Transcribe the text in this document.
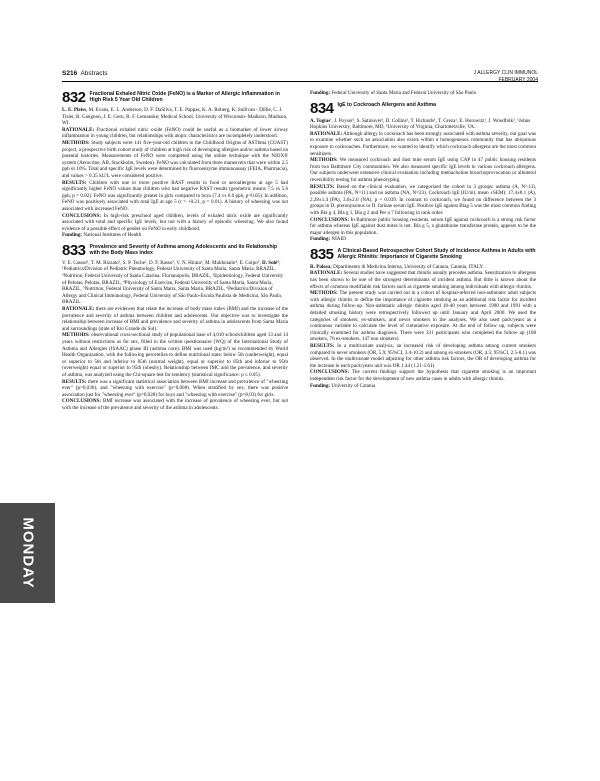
S216 Abstracts	J ALLERGY CLIN IMMUNOL
FEBRUARY 2004
MONDAY
832 Fractional Exhaled Nitric Oxide (FeNO) is a Marker of Allergic Inflammation in High Risk 5 Year Old Children

L. E. Pleiss, M. Evans, E. L. Anderson, D. F. DaSilva, T. E. Pappas, K. A. Roberg, K. Sullivan - Dillie, C. J. Tisler, R. Gangnon, J. E. Gern, R. F. Lemanske; Medical School, University of Wisconsin- Madison, Madison, WI.

RATIONALE: Fractional exhaled nitric oxide (FeNO) could be useful as a biomarker of lower airway inflammation in young children, but relationships with atopic characteristics are incompletely understood.

METHODS: Study subjects were 141 five-year-old children in the Childhood Origins of ASThma (COAST) project, a prospective birth cohort study of children at high risk of developing allergies and/or asthma based on parental histories. Measurements of FeNO were completed using the online technique with the NIOX® system (Aerocrine, AB, Stockholm, Sweden). FeNO was calculated from three maneuvers that were within 2.5 ppb or 10%. Total and specific IgE levels were determined by fluoroenzyme immunoassay (FEIA, Pharmacia), and values > 0.35 kU/L were considered positive.

RESULTS: Children with one or more positive RAST results to food or aeroallergens at age 5 had significantly higher FeNO values than children who had negative RAST results (geometric means 7.5 vs 5.6 ppb, p = 0.02). FeNO was significantly greater in girls compared to boys (7.4 vs 6.0 ppb, p=0.05). In addition, FeNO was positively associated with total IgE at age 5 (r = +0.21, p = 0.01). A history of wheezing was not associated with increased FeNO.

CONCLUSIONS: In high-risk preschool aged children, levels of exhaled nitric oxide are significantly associated with total and specific IgE levels, but not with a history of episodic wheezing. We also found evidence of a possible effect of gender on FeNO in early childhood.

Funding: National Institutes of Health

833 Prevalence and Severity of Asthma among Adolescents and its Relationship with the Body Mass Index

V. E. Cassol¹, T. M. Rizzato¹, S. P. Teche¹, D. F. Basso², V. N. Hirata³, M. Maldonado⁴, E. Colpo⁵, D. Solé⁶; ¹Pediatrics/Division of Pediatric Pneumology, Federal University of Santa Maria, Santa Maria, BRAZIL, ²Nutrition, Federal University of Santa Catarina, Florianópolis, BRAZIL, ³Epidemiology, Federal University of Pelotas, Pelotas, BRAZIL, ⁴Physiology of Exercise, Federal University of Santa Maria, Santa Maria, BRAZIL, ⁵Nutrition, Federal University of Santa Maria, Santa Maria, BRAZIL, ⁶Pediatrics/Division of Allergy and Clinical Immunology, Federal University of São Paulo-Escola Paulista de Medicina, São Paulo, BRAZIL.

RATIONALE: there are evidences that relate the increase of body mass index (BMI) and the increase of the prevalence and severity of asthma between children and adolescents. Our objective was to investigate the relationship between increase of BMI and prevalence and severity of asthma in adolescents from Santa Maria and surroundings (state of Rio Grande do Sul).

METHODS: observational cross-sectional study of populational base of 4,010 schoolchildren aged 13 and 14 years without restrictions as for sex, filled in the written questionnaire (WQ) of the International Study of Asthma and Allergies (ISAAC) phase III (asthma core). BMI was used (kg/m²) as recommended by World Health Organization, with the following percentiles to define nutritional state: below 5th (underweight), equal or superior to 5th and inferior to 85th (normal weight), equal or superior to 85th and inferior to 95th (overweight) equal or superior to 95th (obesity). Relationship between IMC and the prevalence, and severity of asthma, was analyzed using the Chi-square test for tendency (statistical significance: p ≤ 0.05).

RESULTS: there was a significant statistical association between BMI increase and prevalence of "wheezing ever" (p=0,036), and "wheezing with exercise" (p=0,008). When stratified by sex, there was positive association just for "wheezing ever" (p=0,028) for boys and "wheezing with exercise" (p=0,03) for girls.

CONCLUSIONS: BMI increase was associated with the increase of prevalence of wheezing ever, but not with the increase of the prevalence and severity of the asthma in adolescents.

Funding: Federal University of Santa Maria and Federal University of São Paulo

834 IgE to Cockroach Allergens and Asthma

A. Togias¹, J. Poyser¹, S. Satinover², D. Collins¹, T. Richards¹, T. Greza¹, E. Horowitz¹, J. Woodfolk², ¹Johns Hopkins University, Baltimore, MD, ²University of Virginia, Charlottesville, VA.

RATIONALE: Although allergy to cockroach has been strongly associated with asthma severity, our goal was to examine whether such an association also exists within a homogeneous community that has ubiquitous exposure to cockroaches. Furthermore, we wanted to identify which cockroach allergens are the most common sensitizers.

METHODS: We measured cockroach and dust mite serum IgE using CAP in 47 public housing residents from two Baltimore City communities. We also measured specific IgE levels to various cockroach allergens. Our subjects underwent extensive clinical evaluation including methacholine bronchoprovocation or albuterol reversibility testing for asthma phenotyping.

RESULTS: Based on the clinical evaluation, we categorized the cohort in 3 groups: asthma (A, N=13), possible asthma (PA, N=11) and no asthma (NA, N=23). Cockroach IgE (IU/ml, mean ±SEM): 17.4±8.1 (A), 2.28±1.4 (PA), 3.0±2.0 (NA), p = 0.039. In contrast to cockroach, we found no difference between the 3 groups in D. pteronyssinus or D. farinae serum IgE. Positive IgE against Blag 5 was the most common finding with Bla g 4, Bla g 1, Bla g 2 and Per a 7 following in rank order.

CONCLUSIONS: In Baltimore public housing residents, serum IgE against cockroach is a strong risk factor for asthma whereas IgE against dust mites is not. Bla g 5, a glutathione transferase protein, appears to be the major allergen in this population.

Funding: NIAID

835 A Clinical-Based Retrospective Cohort Study of Incidence Asthma in Adults with Allergic Rhinitis: Importance of Cigarette Smoking

R. Polosa; Dipartimento di Medicina Interna, University of Catania, Catania, ITALY.

RATIONALE: Several studies have suggested that rhinitis usually precedes asthma. Sensitization to allergens has been shown to be one of the strongest determinants of incident asthma. But little is known about the effects of common modifiable risk factors such as cigarette smoking among individuals with allergic rhinitis.

METHODS: The present study was carried out in a cohort of hospital-referred non-asthmatic adult subjects with allergic rhinitis to define the importance of cigarette smoking as an additional risk factor for incident asthma during follow-up. Non-asthmatic allergic rhinitis aged 18-40 years between 1990 and 1991 with a detailed smoking history were retrospectively followed up until January and April 2000. We used the categories of smokers, ex-smokers, and never smokers in the analyses. We also used pack/years as a continuous variable to calculate the level of cumulative exposure. At the end of follow up, subjects were clinically examined for asthma diagnosis. There were 331 participants who completed the follow up (108 smokers, 76 ex-smokers, 147 non smokers).

RESULTS: In a multivariate analysis, an increased risk of developing asthma among current smokers compared to never smokers (OR, 5.9; 95%CI, 3.4-10.2) and among ex-smokers (OR, 4.5; 95%CI, 2.5-8.1) was observed. In the multivariate model adjusting for other asthma risk factors, the OR of developing asthma for the increase in each pack/years unit was OR 1.44 (1.21-1.61).

CONCLUSIONS: The current findings support the hypothesis that cigarette smoking is an important independent risk factor for the development of new asthma cases in adults with allergic rhinitis.

Funding: University of Catania
